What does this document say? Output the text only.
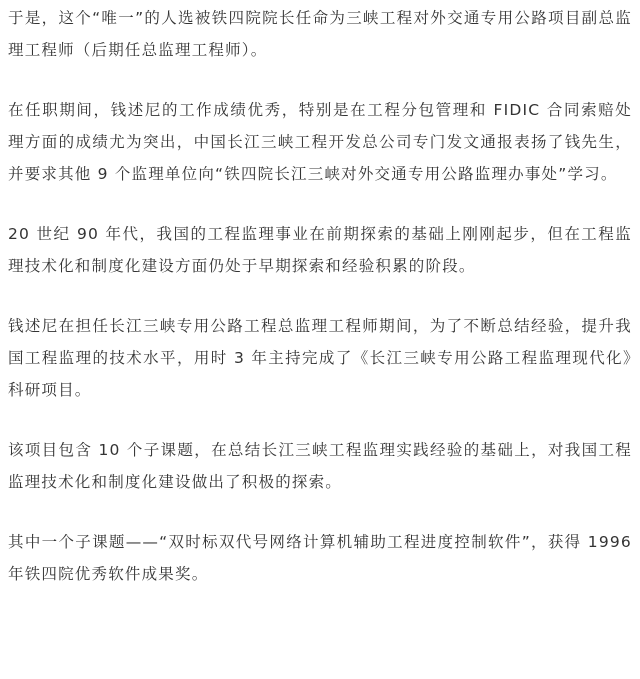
于是，这个“唯一”的人选被铁四院院长任命为三峡工程对外交通专用公路项目副总监理工程师（后期任总监理工程师）。

在任职期间，钱述尼的工作成绩优秀，特别是在工程分包管理和 FIDIC 合同索赔处理方面的成绩尤为突出，中国长江三峡工程开发总公司专门发文通报表扬了钱先生，并要求其他 9 个监理单位向“铁四院长江三峡对外交通专用公路监理办事处”学习。

20 世纪 90 年代，我国的工程监理事业在前期探索的基础上刚刚起步，但在工程监理技术化和制度化建设方面仍处于早期探索和经验积累的阶段。

钱述尼在担任长江三峡专用公路工程总监理工程师期间，为了不断总结经验，提升我国工程监理的技术水平，用时 3 年主持完成了《长江三峡专用公路工程监理现代化》科研项目。

该项目包含 10 个子课题，在总结长江三峡工程监理实践经验的基础上，对我国工程监理技术化和制度化建设做出了积极的探索。

其中一个子课题——“双时标双代号网络计算机辅助工程进度控制软件”，获得 1996 年铁四院优秀软件成果奖。
